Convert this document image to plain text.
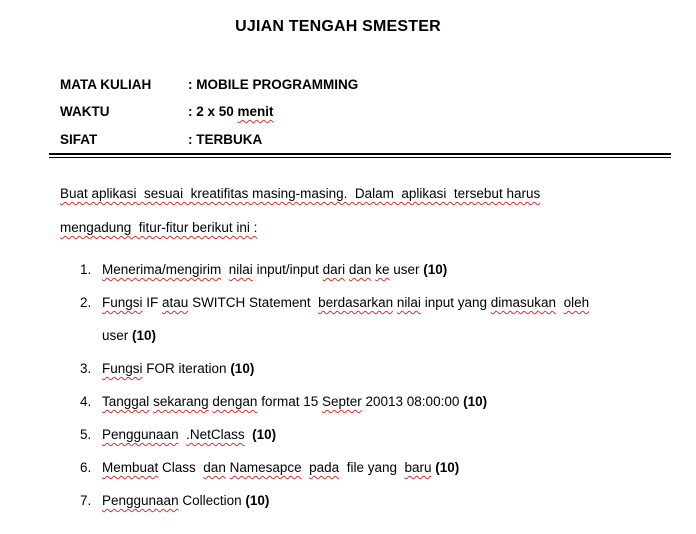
UJIAN TENGAH SMESTER
MATA KULIAH	: MOBILE PROGRAMMING
WAKTU	: 2 x 50 menit
SIFAT	: TERBUKA
Buat aplikasi  sesuai  kreatifitas masing-masing.  Dalam  aplikasi  tersebut harus
mengadung  fitur-fitur berikut ini :
1. Menerima/mengirim nilai input/input dari dan ke user (10)
2. Fungsi IF atau SWITCH Statement  berdasarkan nilai input yang dimasukan oleh
user (10)
3. Fungsi FOR iteration (10)
4. Tanggal sekarang dengan format 15 Septer 20013 08:00:00 (10)
5. Penggunaan .NetClass (10)
6. Membuat Class  dan Namesapce pada  file yang  baru (10)
7. Penggunaan Collection (10)
